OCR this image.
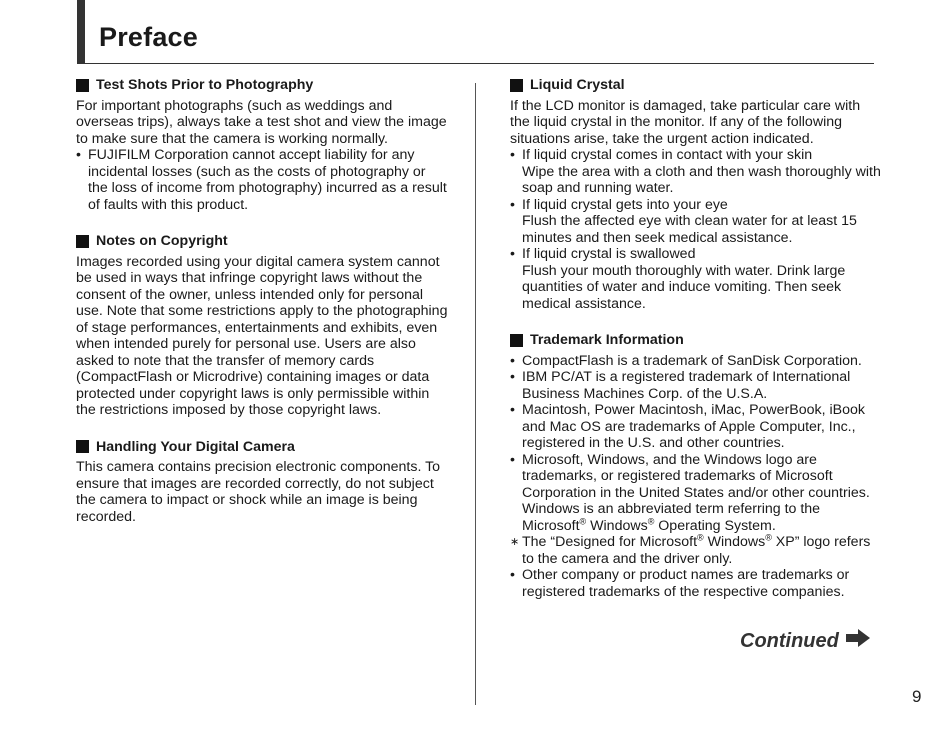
Preface
Test Shots Prior to Photography

For important photographs (such as weddings and overseas trips), always take a test shot and view the image to make sure that the camera is working normally.

• FUJIFILM Corporation cannot accept liability for any incidental losses (such as the costs of photography or the loss of income from photography) incurred as a result of faults with this product.
Notes on Copyright

Images recorded using your digital camera system cannot be used in ways that infringe copyright laws without the consent of the owner, unless intended only for personal use. Note that some restrictions apply to the photographing of stage performances, entertainments and exhibits, even when intended purely for personal use. Users are also asked to note that the transfer of memory cards (CompactFlash or Microdrive) containing images or data protected under copyright laws is only permissible within the restrictions imposed by those copyright laws.

Handling Your Digital Camera

This camera contains precision electronic components. To ensure that images are recorded correctly, do not subject the camera to impact or shock while an image is being recorded.

Liquid Crystal

If the LCD monitor is damaged, take particular care with the liquid crystal in the monitor. If any of the following situations arise, take the urgent action indicated.

• If liquid crystal comes in contact with your skin
Wipe the area with a cloth and then wash thoroughly with soap and running water.
• If liquid crystal gets into your eye
Flush the affected eye with clean water for at least 15 minutes and then seek medical assistance.
• If liquid crystal is swallowed
Flush your mouth thoroughly with water. Drink large quantities of water and induce vomiting. Then seek medical assistance.
Trademark Information
• CompactFlash is a trademark of SanDisk Corporation.
• IBM PC/AT is a registered trademark of International Business Machines Corp. of the U.S.A.
• Macintosh, Power Macintosh, iMac, PowerBook, iBook and Mac OS are trademarks of Apple Computer, Inc., registered in the U.S. and other countries.
• Microsoft, Windows, and the Windows logo are trademarks, or registered trademarks of Microsoft Corporation in the United States and/or other countries. Windows is an abbreviated term referring to the Microsoft® Windows® Operating System.
∗ The “Designed for Microsoft® Windows® XP” logo refers to the camera and the driver only.
• Other company or product names are trademarks or registered trademarks of the respective companies.
Continued
9
